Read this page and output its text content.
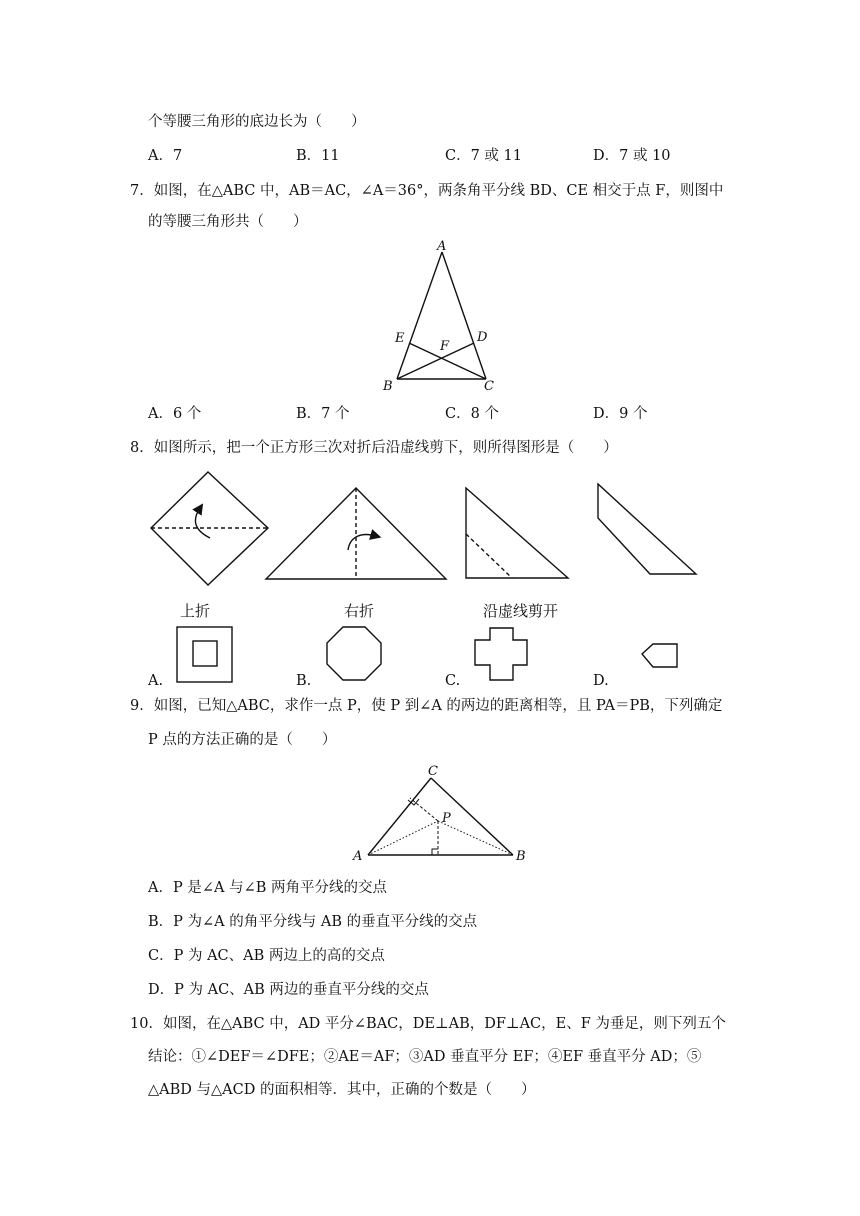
个等腰三角形的底边长为（　　）
A．7	B．11	C．7 或 11	D．7 或 10
7．如图，在△ABC 中，AB＝AC，∠A＝36°，两条角平分线 BD、CE 相交于点 F，则图中
的等腰三角形共（　　）
A
E	D
F
B	C
A．6 个	B．7 个	C．8 个	D．9 个
8．如图所示，把一个正方形三次对折后沿虚线剪下，则所得图形是（　　）
上折	右折	沿虚线剪开
A.	B.	C.	D.
9．如图，已知△ABC，求作一点 P，使 P 到∠A 的两边的距离相等，且 PA＝PB，下列确定
P 点的方法正确的是（　　）
C
P
A	B
A．P 是∠A 与∠B 两角平分线的交点
B．P 为∠A 的角平分线与 AB 的垂直平分线的交点
C．P 为 AC、AB 两边上的高的交点
D．P 为 AC、AB 两边的垂直平分线的交点
10．如图，在△ABC 中，AD 平分∠BAC，DE⊥AB，DF⊥AC，E、F 为垂足，则下列五个
结论：①∠DEF＝∠DFE；②AE＝AF；③AD 垂直平分 EF；④EF 垂直平分 AD；⑤
△ABD 与△ACD 的面积相等．其中，正确的个数是（　　）
